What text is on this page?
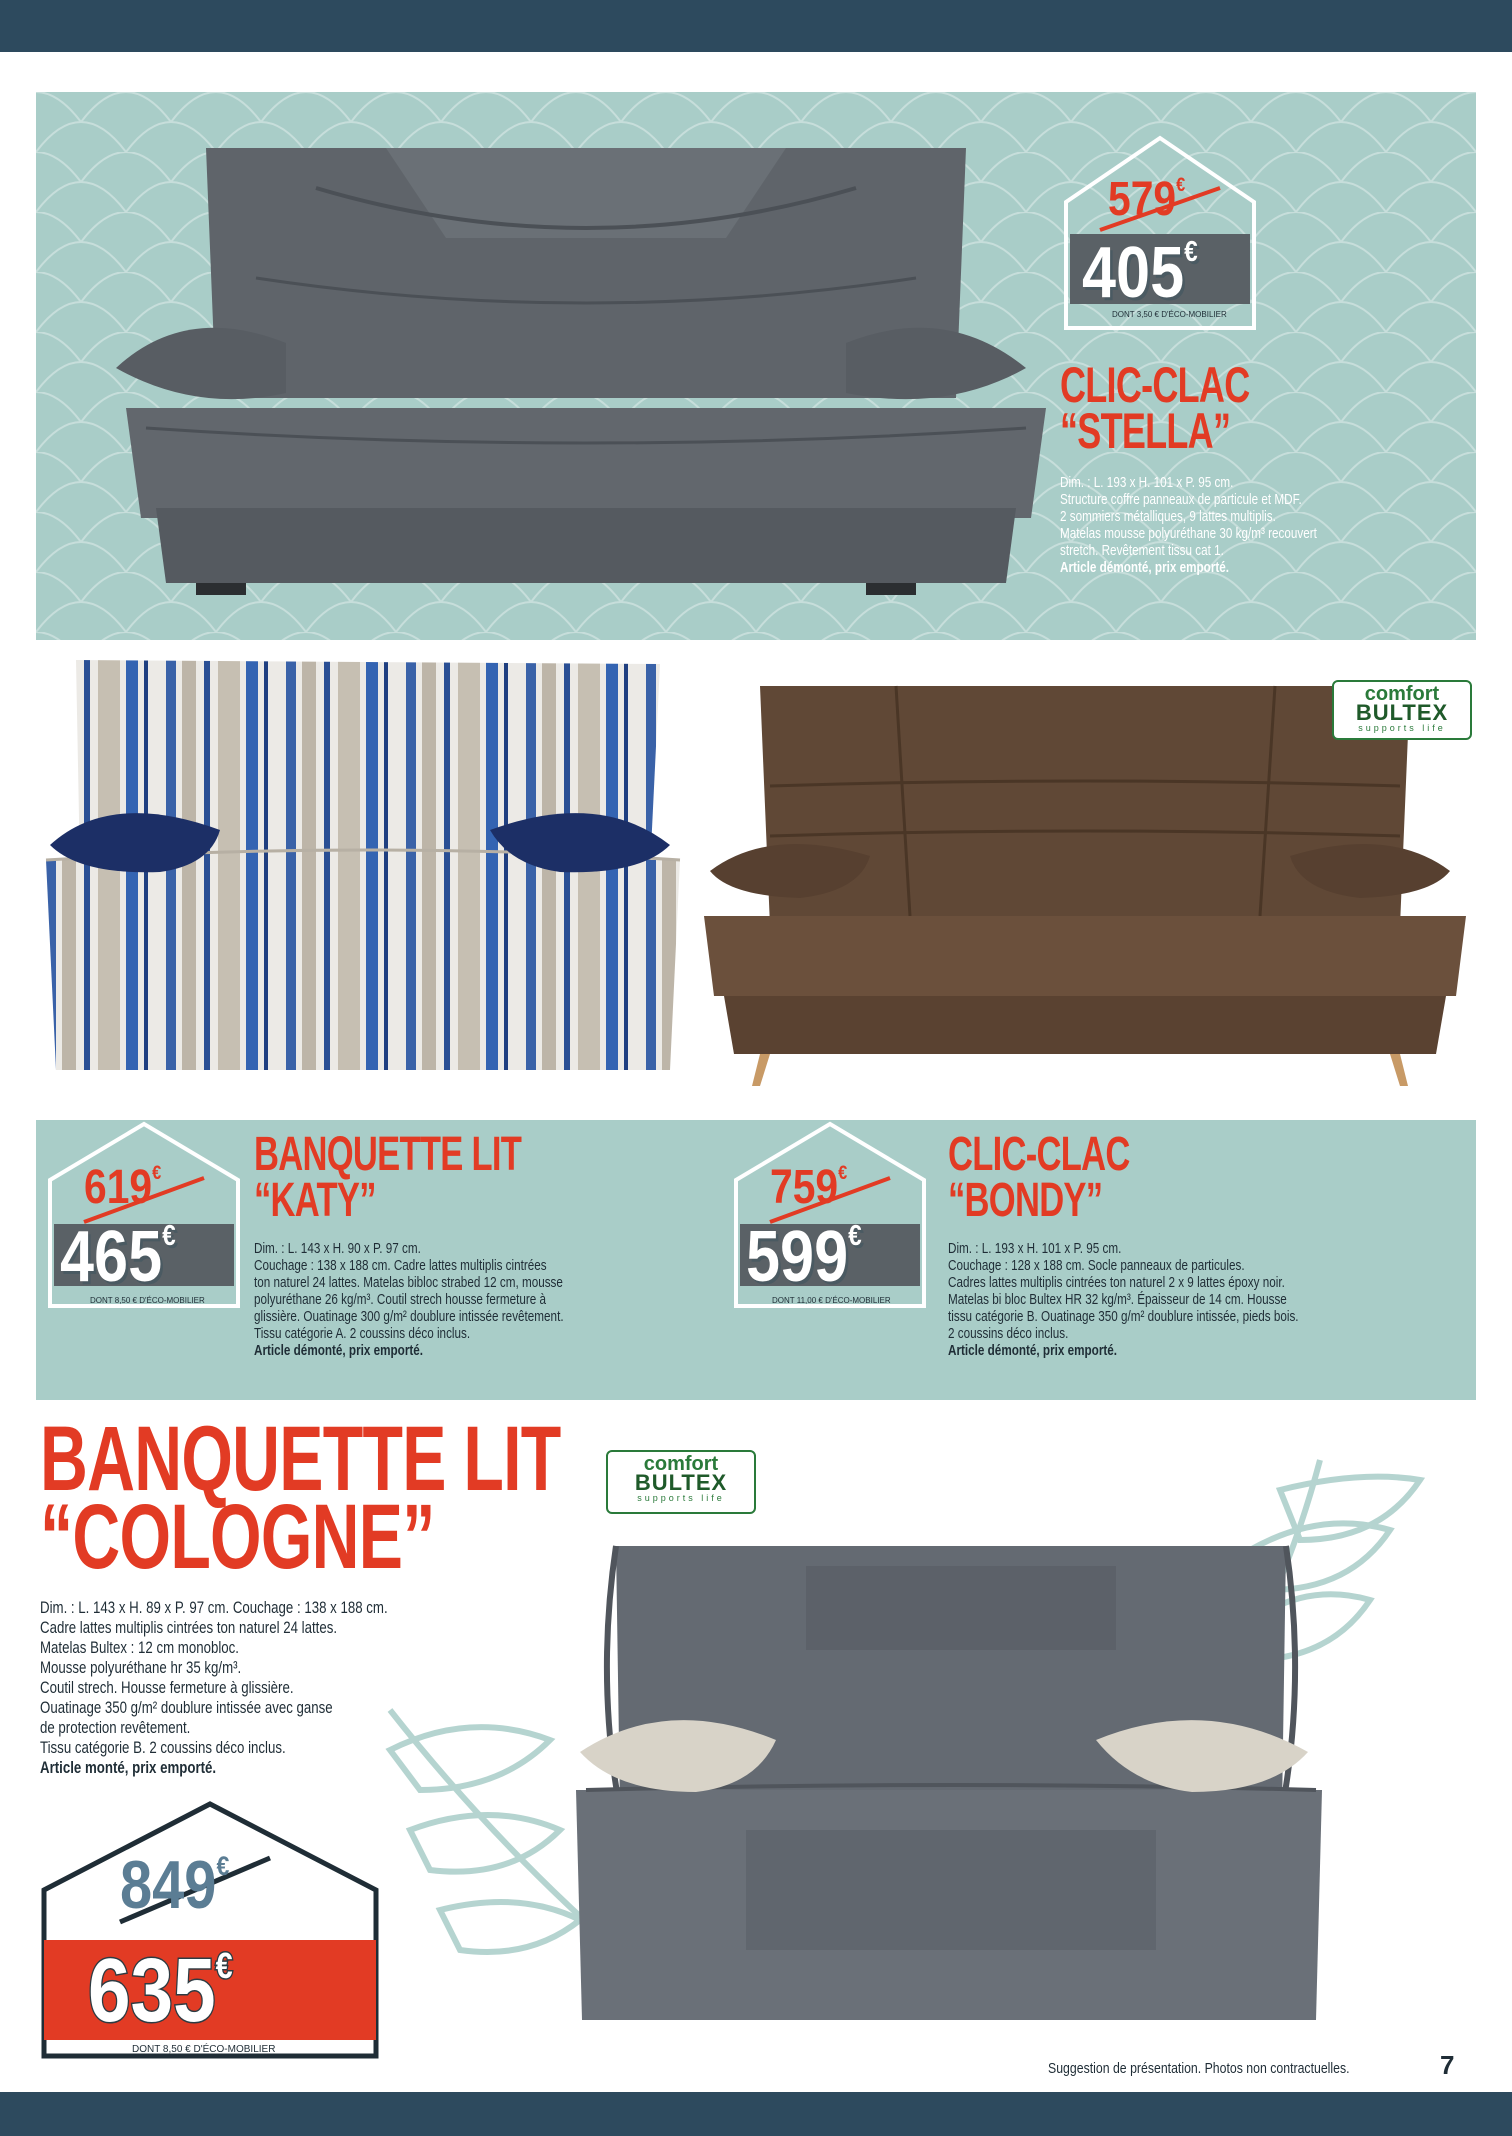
579€
405€
DONT 3,50 € D'ÉCO-MOBILIER
CLIC-CLAC
“STELLA”
Dim. : L. 193 x H. 101 x P. 95 cm.
Structure coffre panneaux de particule et MDF.
2 sommiers métalliques, 9 lattes multiplis.
Matelas mousse polyuréthane 30 kg/m³ recouvert
stretch. Revêtement tissu cat 1.
Article démonté, prix emporté.
comfort
BULTEX
supports life
619€
465€
DONT 8,50 € D'ÉCO-MOBILIER
BANQUETTE LIT
“KATY”
Dim. : L. 143 x H. 90 x P. 97 cm.
Couchage : 138 x 188 cm. Cadre lattes multiplis cintrées
ton naturel 24 lattes. Matelas bibloc strabed 12 cm, mousse
polyuréthane 26 kg/m³. Coutil strech housse fermeture à
glissière. Ouatinage 300 g/m² doublure intissée revêtement.
Tissu catégorie A. 2 coussins déco inclus.
Article démonté, prix emporté.
759€
599€
DONT 11,00 € D'ÉCO-MOBILIER
CLIC-CLAC
“BONDY”
Dim. : L. 193 x H. 101 x P. 95 cm.
Couchage : 128 x 188 cm. Socle panneaux de particules.
Cadres lattes multiplis cintrées ton naturel 2 x 9 lattes époxy noir.
Matelas bi bloc Bultex HR 32 kg/m³. Épaisseur de 14 cm. Housse
tissu catégorie B. Ouatinage 350 g/m² doublure intissée, pieds bois.
2 coussins déco inclus.
Article démonté, prix emporté.
BANQUETTE LIT
“COLOGNE”
Dim. : L. 143 x H. 89 x P. 97 cm. Couchage : 138 x 188 cm.
Cadre lattes multiplis cintrées ton naturel 24 lattes.
Matelas Bultex : 12 cm monobloc.
Mousse polyuréthane hr 35 kg/m³.
Coutil strech. Housse fermeture à glissière.
Ouatinage 350 g/m² doublure intissée avec ganse
de protection revêtement.
Tissu catégorie B. 2 coussins déco inclus.
Article monté, prix emporté.
849€
635€
DONT 8,50 € D'ÉCO-MOBILIER
comfort
BULTEX
supports life
Suggestion de présentation. Photos non contractuelles.	7
